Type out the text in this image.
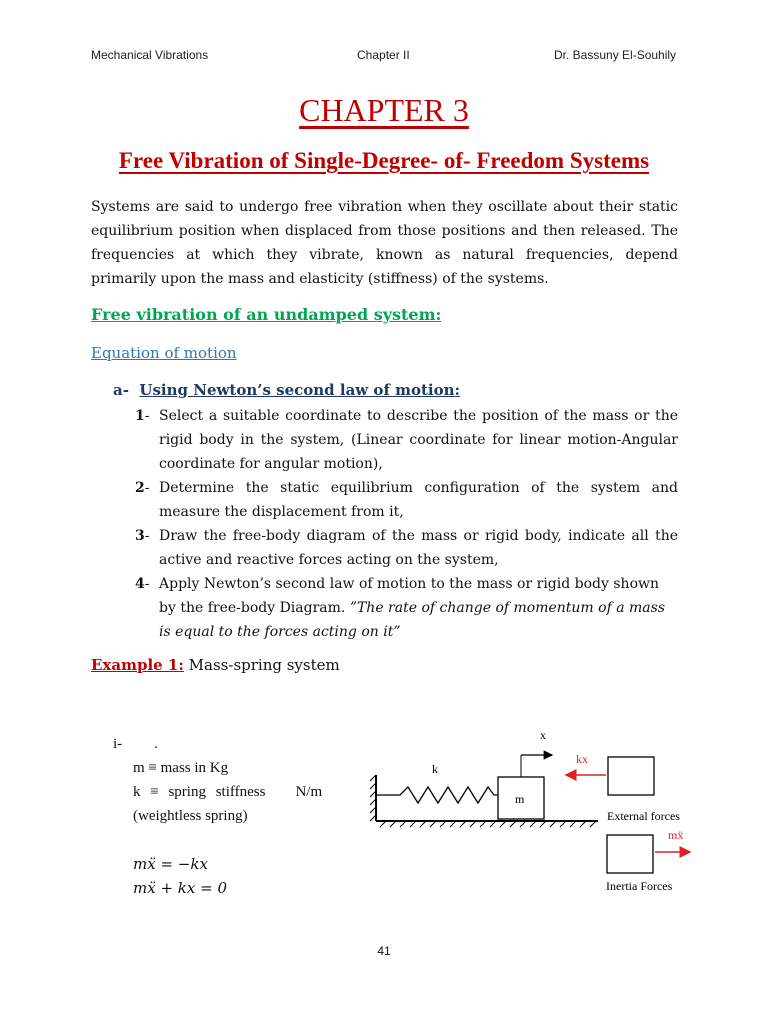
Mechanical Vibrations	Chapter II	Dr. Bassuny El-Souhily
CHAPTER 3
Free Vibration of Single-Degree- of- Freedom Systems
Systems are said to undergo free vibration when they oscillate about their static equilibrium position when displaced from those positions and then released. The frequencies at which they vibrate, known as natural frequencies, depend primarily upon the mass and elasticity (stiffness) of the systems.
Free vibration of an undamped system:
Equation of motion
a- Using Newton’s second law of motion:
1- Select a suitable coordinate to describe the position of the mass or the rigid body in the system, (Linear coordinate for linear motion-Angular coordinate for angular motion),
2- Determine the static equilibrium configuration of the system and measure the displacement from it,
3- Draw the free-body diagram of the mass or rigid body, indicate all the active and reactive forces acting on the system,
4- Apply Newton’s second law of motion to the mass or rigid body shown by the free-body Diagram. ”The rate of change of momentum of a mass is equal to the forces acting on it”
Example 1: Mass-spring system
i- .
m ≡ mass in Kg
k ≡ spring stiffness N/m
(weightless spring)
mẍ = −kx
mẍ + kx = 0
k
m
x
kx
External forces
mẍ
Inertia Forces
41
